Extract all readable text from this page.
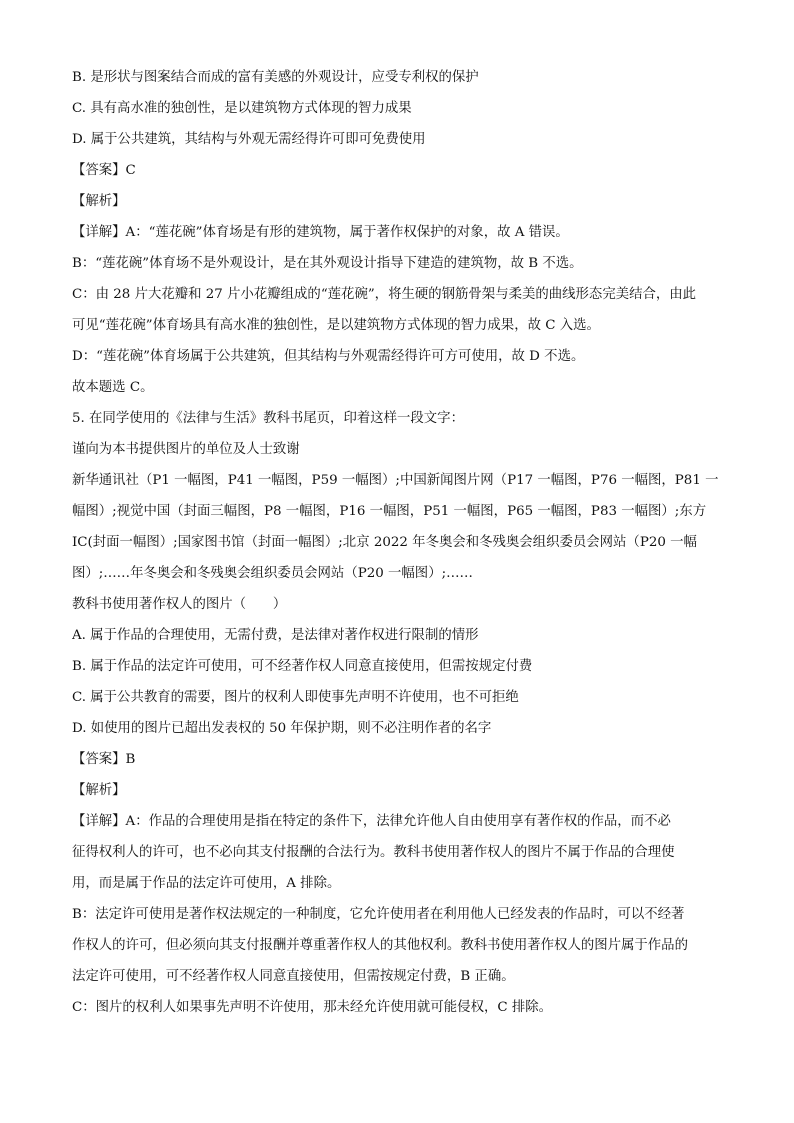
B. 是形状与图案结合而成的富有美感的外观设计，应受专利权的保护
C. 具有高水准的独创性，是以建筑物方式体现的智力成果
D. 属于公共建筑，其结构与外观无需经得许可即可免费使用
【答案】C
【解析】
【详解】A：“莲花碗”体育场是有形的建筑物，属于著作权保护的对象，故 A 错误。
B：“莲花碗”体育场不是外观设计，是在其外观设计指导下建造的建筑物，故 B 不选。
C：由 28 片大花瓣和 27 片小花瓣组成的“莲花碗”，将生硬的钢筋骨架与柔美的曲线形态完美结合，由此
可见“莲花碗”体育场具有高水准的独创性，是以建筑物方式体现的智力成果，故 C 入选。
D：“莲花碗”体育场属于公共建筑，但其结构与外观需经得许可方可使用，故 D 不选。
故本题选 C。
5. 在同学使用的《法律与生活》教科书尾页，印着这样一段文字：
谨向为本书提供图片的单位及人士致谢
新华通讯社（P1 一幅图，P41 一幅图，P59 一幅图）;中国新闻图片网（P17 一幅图，P76 一幅图，P81 一
幅图）;视觉中国（封面三幅图，P8 一幅图，P16 一幅图，P51 一幅图，P65 一幅图，P83 一幅图）;东方
IC(封面一幅图）;国家图书馆（封面一幅图）;北京 2022 年冬奥会和冬残奥会组织委员会网站（P20 一幅
图）;……年冬奥会和冬残奥会组织委员会网站（P20 一幅图）;……
教科书使用著作权人的图片（　　）
A. 属于作品的合理使用，无需付费，是法律对著作权进行限制的情形
B. 属于作品的法定许可使用，可不经著作权人同意直接使用，但需按规定付费
C. 属于公共教育的需要，图片的权利人即使事先声明不许使用，也不可拒绝
D. 如使用的图片已超出发表权的 50 年保护期，则不必注明作者的名字
【答案】B
【解析】
【详解】A：作品的合理使用是指在特定的条件下，法律允许他人自由使用享有著作权的作品，而不必
征得权利人的许可，也不必向其支付报酬的合法行为。教科书使用著作权人的图片不属于作品的合理使
用，而是属于作品的法定许可使用，A 排除。
B：法定许可使用是著作权法规定的一种制度，它允许使用者在利用他人已经发表的作品时，可以不经著
作权人的许可，但必须向其支付报酬并尊重著作权人的其他权利。教科书使用著作权人的图片属于作品的
法定许可使用，可不经著作权人同意直接使用，但需按规定付费，B 正确。
C：图片的权利人如果事先声明不许使用，那未经允许使用就可能侵权，C 排除。
